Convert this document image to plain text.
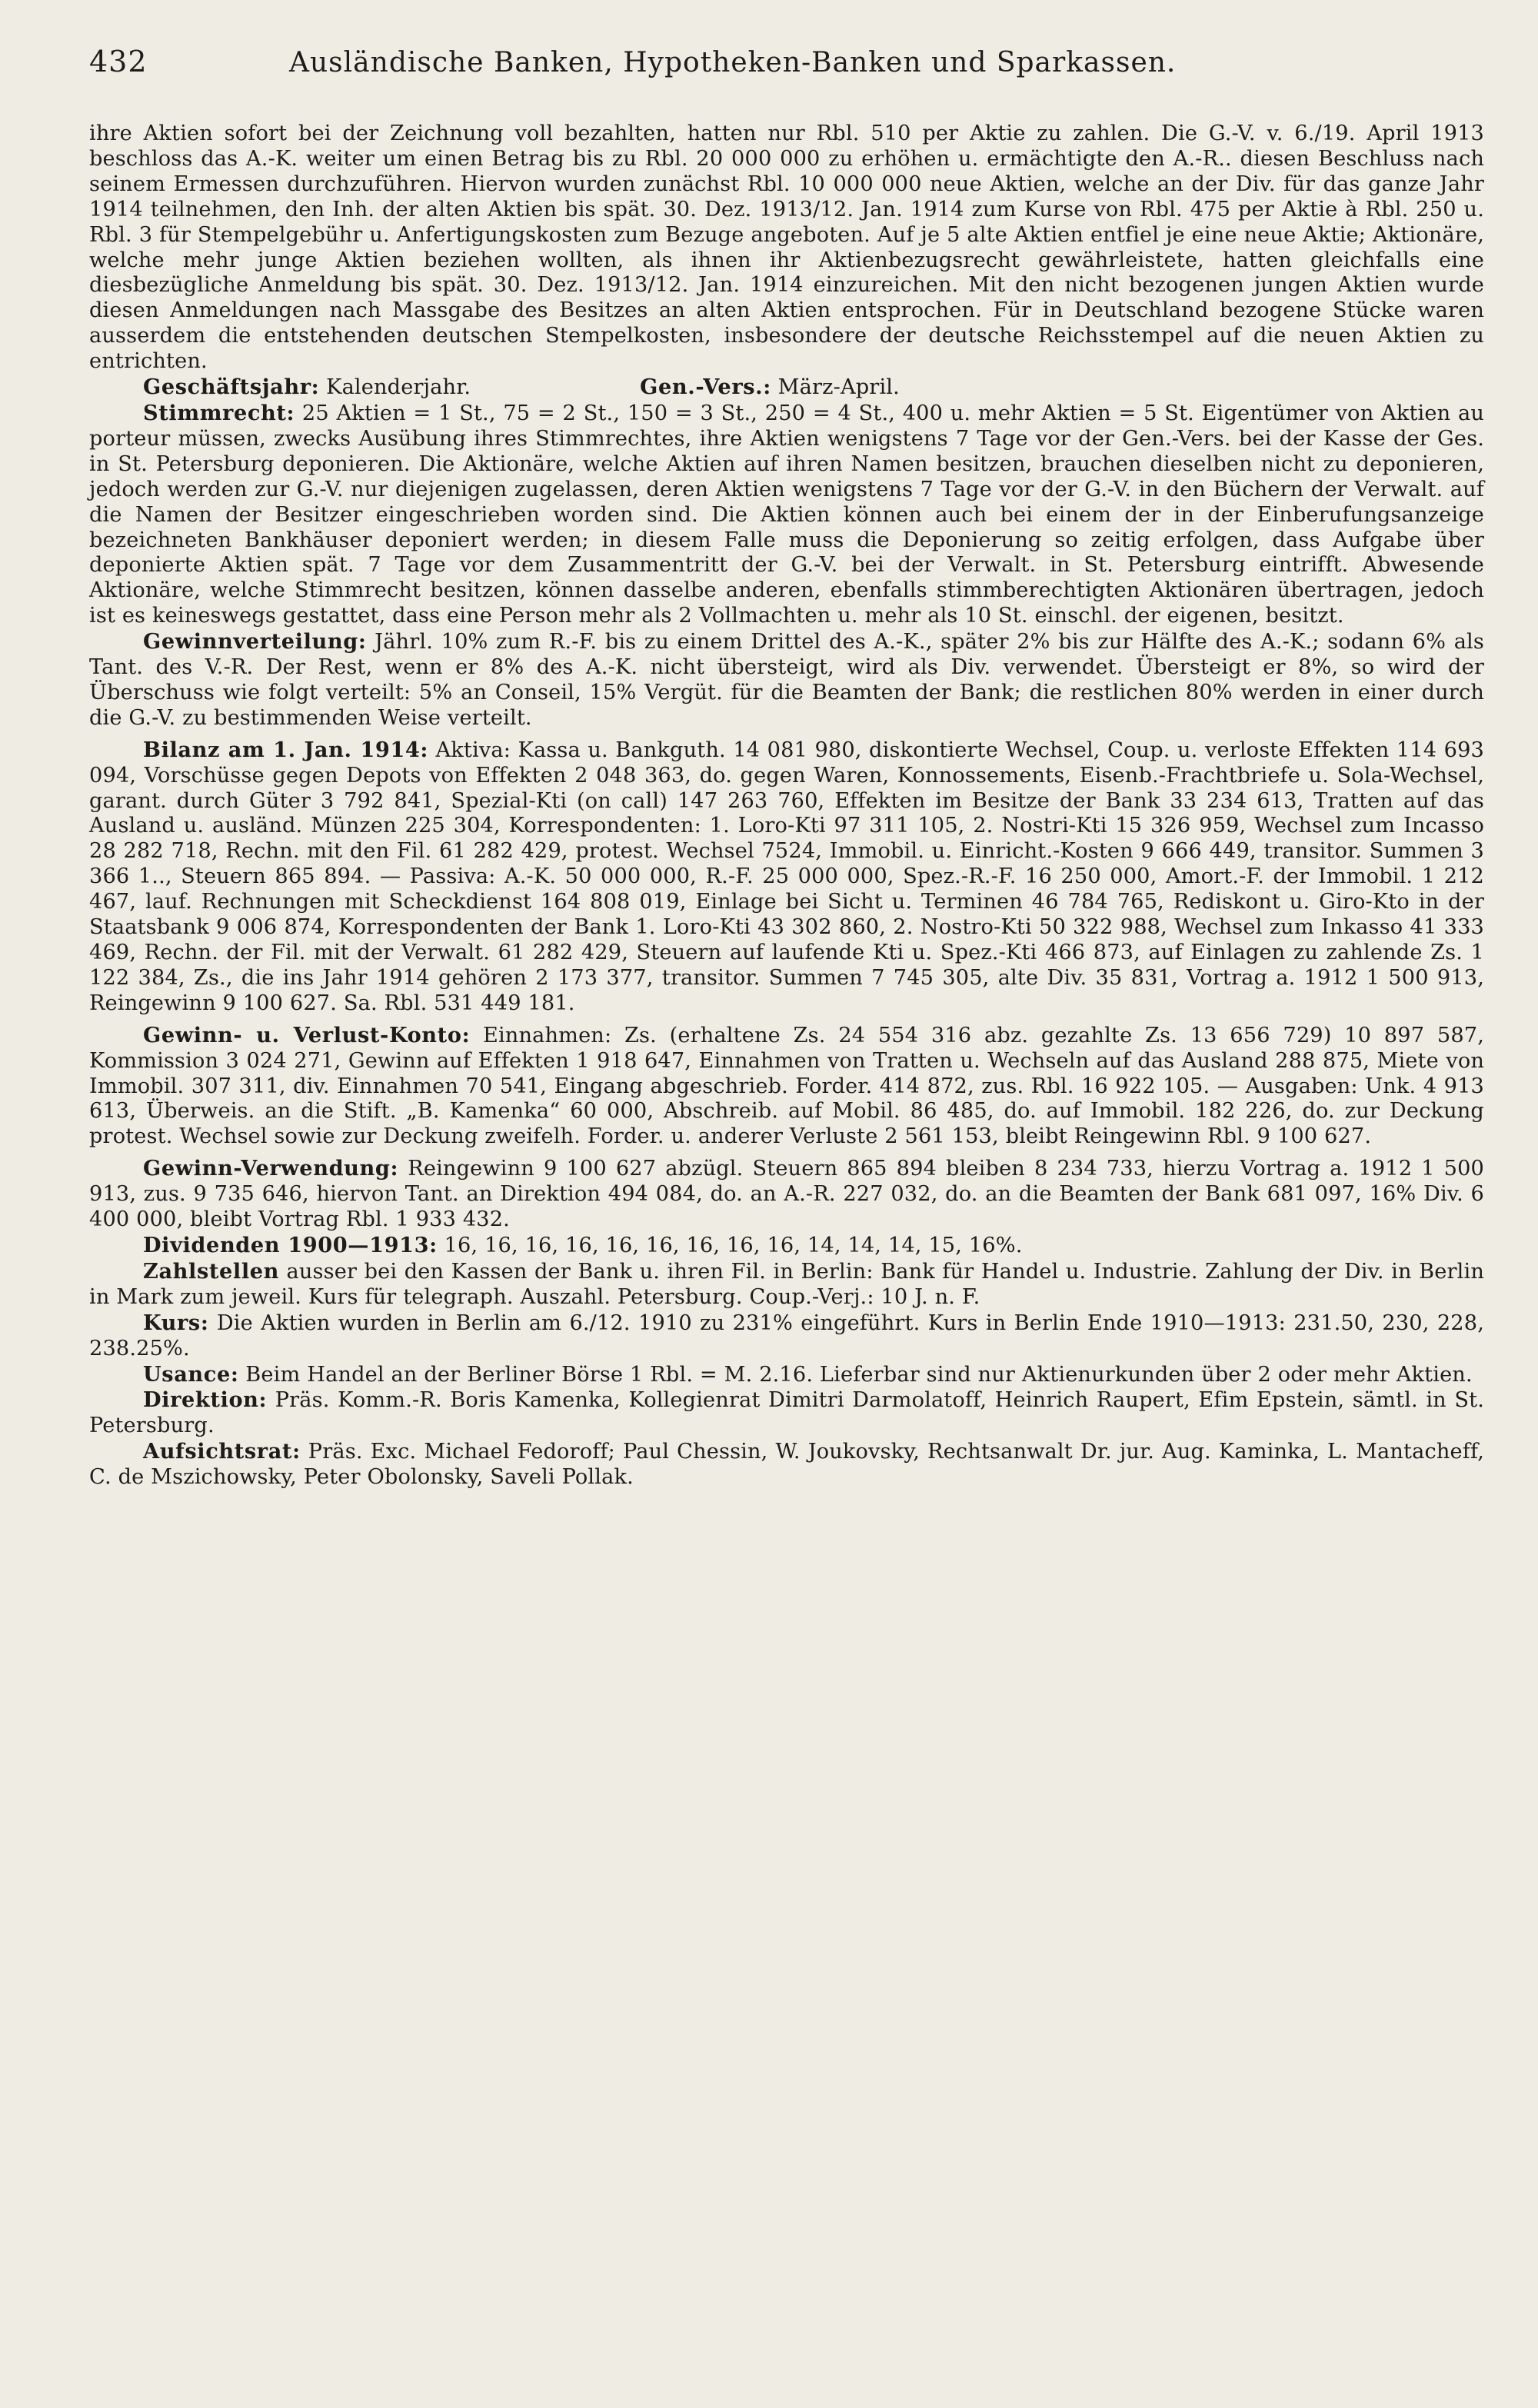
432	Ausländische Banken, Hypotheken-Banken und Sparkassen.

ihre Aktien sofort bei der Zeichnung voll bezahlten, hatten nur Rbl. 510 per Aktie zu zahlen. Die G.-V. v. 6./19. April 1913 beschloss das A.-K. weiter um einen Betrag bis zu Rbl. 20 000 000 zu erhöhen u. ermächtigte den A.-R.. diesen Beschluss nach seinem Ermessen durchzuführen. Hiervon wurden zunächst Rbl. 10 000 000 neue Aktien, welche an der Div. für das ganze Jahr 1914 teilnehmen, den Inh. der alten Aktien bis spät. 30. Dez. 1913/12. Jan. 1914 zum Kurse von Rbl. 475 per Aktie à Rbl. 250 u. Rbl. 3 für Stempelgebühr u. Anfertigungskosten zum Bezuge angeboten. Auf je 5 alte Aktien entfiel je eine neue Aktie; Aktionäre, welche mehr junge Aktien beziehen wollten, als ihnen ihr Aktienbezugsrecht gewährleistete, hatten gleichfalls eine diesbezügliche Anmeldung bis spät. 30. Dez. 1913/12. Jan. 1914 einzureichen. Mit den nicht bezogenen jungen Aktien wurde diesen Anmeldungen nach Massgabe des Besitzes an alten Aktien entsprochen. Für in Deutschland bezogene Stücke waren ausserdem die entstehenden deutschen Stempelkosten, insbesondere der deutsche Reichsstempel auf die neuen Aktien zu entrichten.

Geschäftsjahr: Kalenderjahr.	Gen.-Vers.: März-April.

Stimmrecht: 25 Aktien = 1 St., 75 = 2 St., 150 = 3 St., 250 = 4 St., 400 u. mehr Aktien = 5 St. Eigentümer von Aktien au porteur müssen, zwecks Ausübung ihres Stimmrechtes, ihre Aktien wenigstens 7 Tage vor der Gen.-Vers. bei der Kasse der Ges. in St. Petersburg deponieren. Die Aktionäre, welche Aktien auf ihren Namen besitzen, brauchen dieselben nicht zu deponieren, jedoch werden zur G.-V. nur diejenigen zugelassen, deren Aktien wenigstens 7 Tage vor der G.-V. in den Büchern der Verwalt. auf die Namen der Besitzer eingeschrieben worden sind. Die Aktien können auch bei einem der in der Einberufungsanzeige bezeichneten Bankhäuser deponiert werden; in diesem Falle muss die Deponierung so zeitig erfolgen, dass Aufgabe über deponierte Aktien spät. 7 Tage vor dem Zusammentritt der G.-V. bei der Verwalt. in St. Petersburg eintrifft. Abwesende Aktionäre, welche Stimmrecht besitzen, können dasselbe anderen, ebenfalls stimmberechtigten Aktionären übertragen, jedoch ist es keineswegs gestattet, dass eine Person mehr als 2 Vollmachten u. mehr als 10 St. einschl. der eigenen, besitzt.

Gewinnverteilung: Jährl. 10% zum R.-F. bis zu einem Drittel des A.-K., später 2% bis zur Hälfte des A.-K.; sodann 6% als Tant. des V.-R. Der Rest, wenn er 8% des A.-K. nicht übersteigt, wird als Div. verwendet. Übersteigt er 8%, so wird der Überschuss wie folgt verteilt: 5% an Conseil, 15% Vergüt. für die Beamten der Bank; die restlichen 80% werden in einer durch die G.-V. zu bestimmenden Weise verteilt.

Bilanz am 1. Jan. 1914: Aktiva: Kassa u. Bankguth. 14 081 980, diskontierte Wechsel, Coup. u. verloste Effekten 114 693 094, Vorschüsse gegen Depots von Effekten 2 048 363, do. gegen Waren, Konnossements, Eisenb.-Frachtbriefe u. Sola-Wechsel, garant. durch Güter 3 792 841, Spezial-Kti (on call) 147 263 760, Effekten im Besitze der Bank 33 234 613, Tratten auf das Ausland u. ausländ. Münzen 225 304, Korrespondenten: 1. Loro-Kti 97 311 105, 2. Nostri-Kti 15 326 959, Wechsel zum Incasso 28 282 718, Rechn. mit den Fil. 61 282 429, protest. Wechsel 7524, Immobil. u. Einricht.-Kosten 9 666 449, transitor. Summen 3 366 1.., Steuern 865 894. — Passiva: A.-K. 50 000 000, R.-F. 25 000 000, Spez.-R.-F. 16 250 000, Amort.-F. der Immobil. 1 212 467, lauf. Rechnungen mit Scheckdienst 164 808 019, Einlage bei Sicht u. Terminen 46 784 765, Rediskont u. Giro-Kto in der Staatsbank 9 006 874, Korrespondenten der Bank 1. Loro-Kti 43 302 860, 2. Nostro-Kti 50 322 988, Wechsel zum Inkasso 41 333 469, Rechn. der Fil. mit der Verwalt. 61 282 429, Steuern auf laufende Kti u. Spez.-Kti 466 873, auf Einlagen zu zahlende Zs. 1 122 384, Zs., die ins Jahr 1914 gehören 2 173 377, transitor. Summen 7 745 305, alte Div. 35 831, Vortrag a. 1912 1 500 913, Reingewinn 9 100 627. Sa. Rbl. 531 449 181.

Gewinn- u. Verlust-Konto: Einnahmen: Zs. (erhaltene Zs. 24 554 316 abz. gezahlte Zs. 13 656 729) 10 897 587, Kommission 3 024 271, Gewinn auf Effekten 1 918 647, Einnahmen von Tratten u. Wechseln auf das Ausland 288 875, Miete von Immobil. 307 311, div. Einnahmen 70 541, Eingang abgeschrieb. Forder. 414 872, zus. Rbl. 16 922 105. — Ausgaben: Unk. 4 913 613, Überweis. an die Stift. „B. Kamenka“ 60 000, Abschreib. auf Mobil. 86 485, do. auf Immobil. 182 226, do. zur Deckung protest. Wechsel sowie zur Deckung zweifelh. Forder. u. anderer Verluste 2 561 153, bleibt Reingewinn Rbl. 9 100 627.

Gewinn-Verwendung: Reingewinn 9 100 627 abzügl. Steuern 865 894 bleiben 8 234 733, hierzu Vortrag a. 1912 1 500 913, zus. 9 735 646, hiervon Tant. an Direktion 494 084, do. an A.-R. 227 032, do. an die Beamten der Bank 681 097, 16% Div. 6 400 000, bleibt Vortrag Rbl. 1 933 432.

Dividenden 1900—1913: 16, 16, 16, 16, 16, 16, 16, 16, 16, 14, 14, 14, 15, 16%.

Zahlstellen ausser bei den Kassen der Bank u. ihren Fil. in Berlin: Bank für Handel u. Industrie. Zahlung der Div. in Berlin in Mark zum jeweil. Kurs für telegraph. Auszahl. Petersburg. Coup.-Verj.: 10 J. n. F.

Kurs: Die Aktien wurden in Berlin am 6./12. 1910 zu 231% eingeführt. Kurs in Berlin Ende 1910—1913: 231.50, 230, 228, 238.25%.

Usance: Beim Handel an der Berliner Börse 1 Rbl. = M. 2.16. Lieferbar sind nur Aktienurkunden über 2 oder mehr Aktien.

Direktion: Präs. Komm.-R. Boris Kamenka, Kollegienrat Dimitri Darmolatoff, Heinrich Raupert, Efim Epstein, sämtl. in St. Petersburg.

Aufsichtsrat: Präs. Exc. Michael Fedoroff; Paul Chessin, W. Joukovsky, Rechtsanwalt Dr. jur. Aug. Kaminka, L. Mantacheff, C. de Mszichowsky, Peter Obolonsky, Saveli Pollak.
